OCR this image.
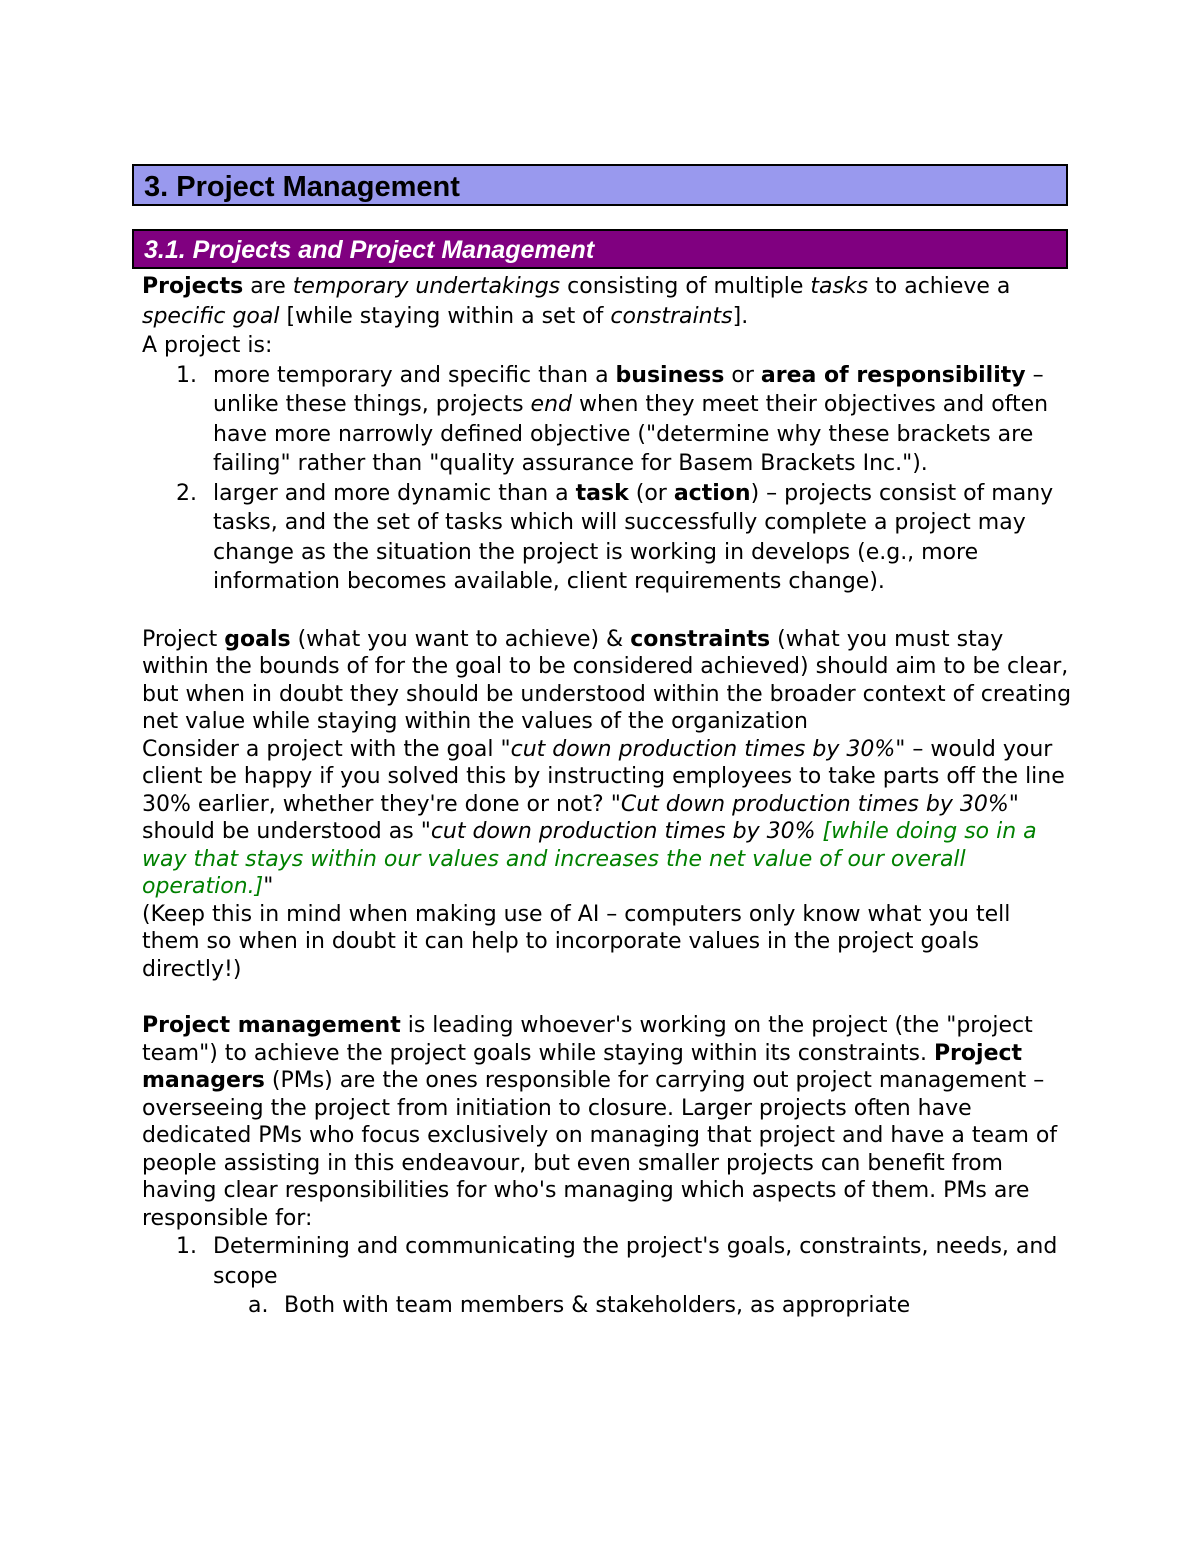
3. Project Management
3.1. Projects and Project Management

Projects are temporary undertakings consisting of multiple tasks to achieve a specific goal [while staying within a set of constraints].

A project is:

1. more temporary and specific than a business or area of responsibility – unlike these things, projects end when they meet their objectives and often have more narrowly defined objective ("determine why these brackets are failing" rather than "quality assurance for Basem Brackets Inc.").
2. larger and more dynamic than a task (or action) – projects consist of many tasks, and the set of tasks which will successfully complete a project may change as the situation the project is working in develops (e.g., more information becomes available, client requirements change).

Project goals (what you want to achieve) & constraints (what you must stay within the bounds of for the goal to be considered achieved) should aim to be clear, but when in doubt they should be understood within the broader context of creating net value while staying within the values of the organization

Consider a project with the goal "cut down production times by 30%" – would your client be happy if you solved this by instructing employees to take parts off the line 30% earlier, whether they're done or not? "Cut down production times by 30%" should be understood as "cut down production times by 30% [while doing so in a way that stays within our values and increases the net value of our overall operation.]"

(Keep this in mind when making use of AI – computers only know what you tell them so when in doubt it can help to incorporate values in the project goals directly!)

Project management is leading whoever's working on the project (the "project team") to achieve the project goals while staying within its constraints. Project managers (PMs) are the ones responsible for carrying out project management – overseeing the project from initiation to closure. Larger projects often have dedicated PMs who focus exclusively on managing that project and have a team of people assisting in this endeavour, but even smaller projects can benefit from having clear responsibilities for who's managing which aspects of them. PMs are responsible for:

1. Determining and communicating the project's goals, constraints, needs, and scope
a. Both with team members & stakeholders, as appropriate
